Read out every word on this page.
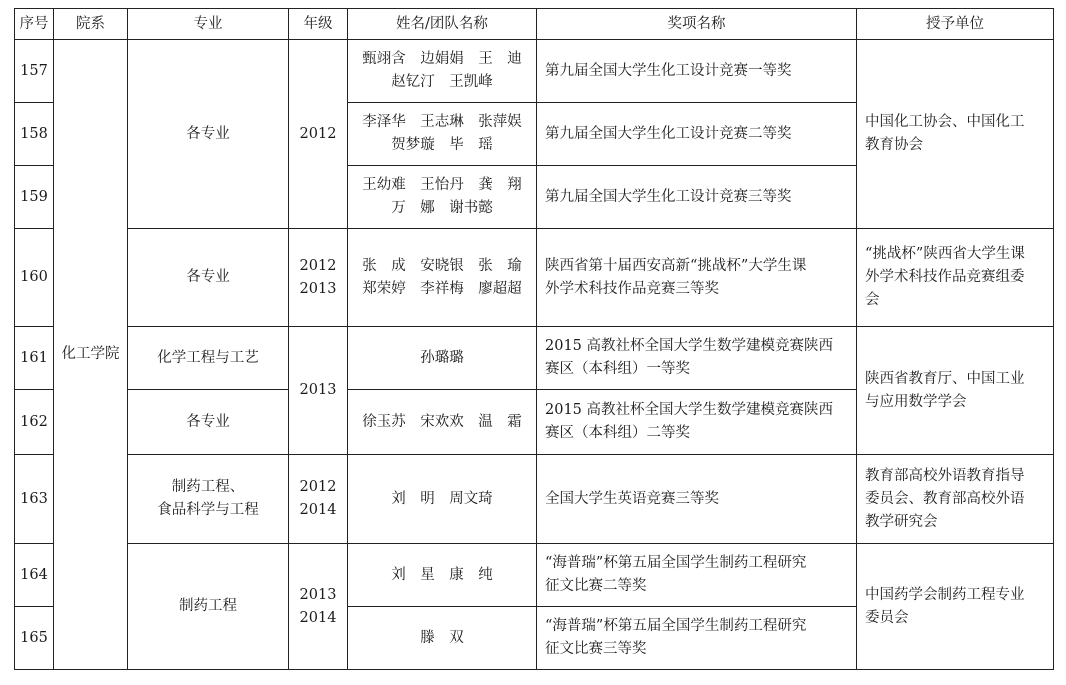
序号	院系	专业	年级	姓名/团队名称	奖项名称	授予单位
157	化工学院	各专业	2012	甄翊含　边娟娟　王　迪
赵钇汀　王凯峰	第九届全国大学生化工设计竞赛一等奖	中国化工协会、中国化工
教育协会
158				李泽华　王志琳　张萍娱
贺梦璇　毕　瑶	第九届全国大学生化工设计竞赛二等奖	
159				王幼难　王怡丹　龚　翔
万　娜　谢书懿	第九届全国大学生化工设计竞赛三等奖	
160		各专业	2012
2013	张　成　安晓银　张　瑜
郑荣婷　李祥梅　廖超超	陕西省第十届西安高新“挑战杯”大学生课
外学术科技作品竞赛三等奖	“挑战杯”陕西省大学生课
外学术科技作品竞赛组委
会
161		化学工程与工艺	2013	孙璐璐	2015 高教社杯全国大学生数学建模竞赛陕西
赛区（本科组）一等奖	陕西省教育厅、中国工业
与应用数学学会
162		各专业		徐玉苏　宋欢欢　温　霜	2015 高教社杯全国大学生数学建模竞赛陕西
赛区（本科组）二等奖	
163		制药工程、
食品科学与工程	2012
2014	刘　明　周文琦	全国大学生英语竞赛三等奖	教育部高校外语教育指导
委员会、教育部高校外语
教学研究会
164		制药工程	2013
2014	刘　星　康　纯	“海普瑞”杯第五届全国学生制药工程研究
征文比赛二等奖	中国药学会制药工程专业
委员会
165				滕　双	“海普瑞”杯第五届全国学生制药工程研究
征文比赛三等奖	
